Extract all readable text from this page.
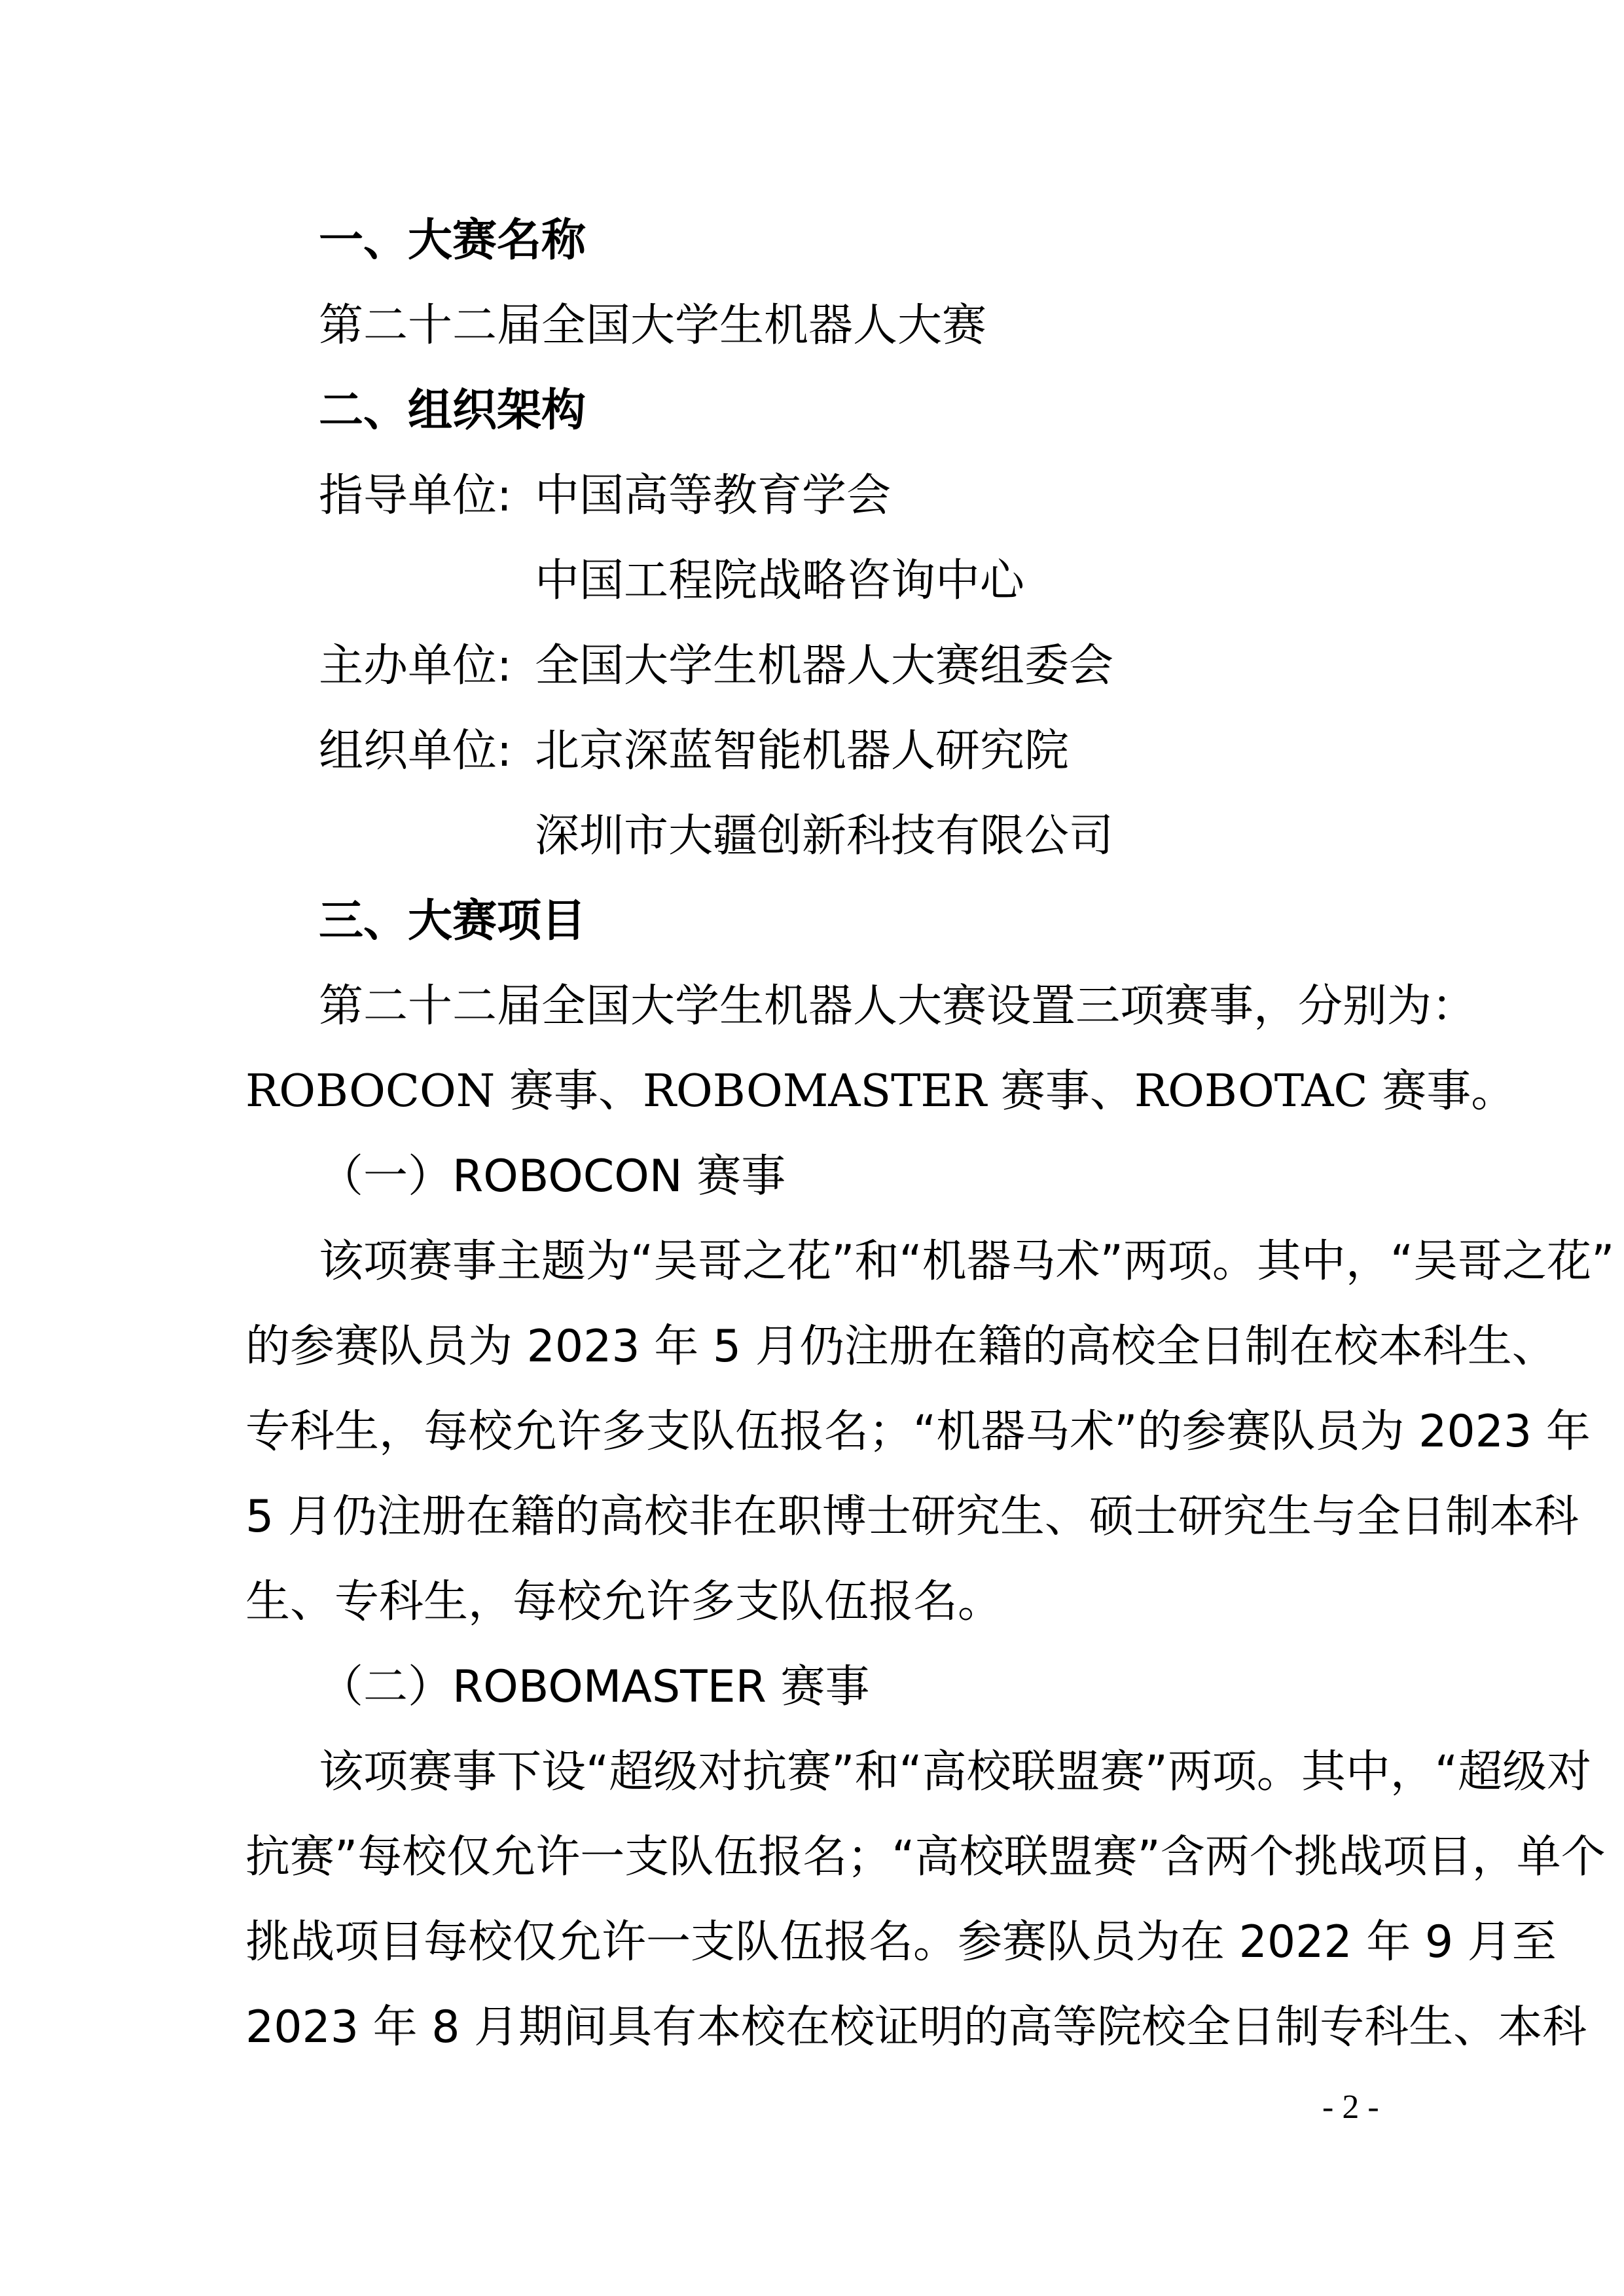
一、大赛名称
第二十二届全国大学生机器人大赛
二、组织架构
指导单位: 中国高等教育学会
中国工程院战略咨询中心
主办单位: 全国大学生机器人大赛组委会
组织单位: 北京深蓝智能机器人研究院
深圳市大疆创新科技有限公司
三、大赛项目
第二十二届全国大学生机器人大赛设置三项赛事，分别为：
ROBOCON 赛事、ROBOMASTER 赛事、ROBOTAC 赛事。
（一）ROBOCON 赛事
该项赛事主题为“吴哥之花”和“机器马术”两项。其中，“吴哥之花”
的参赛队员为 2023 年 5 月仍注册在籍的高校全日制在校本科生、
专科生，每校允许多支队伍报名；“机器马术”的参赛队员为 2023 年
5 月仍注册在籍的高校非在职博士研究生、硕士研究生与全日制本科
生、专科生，每校允许多支队伍报名。
（二）ROBOMASTER 赛事
该项赛事下设“超级对抗赛”和“高校联盟赛”两项。其中，“超级对
抗赛”每校仅允许一支队伍报名；“高校联盟赛”含两个挑战项目，单个
挑战项目每校仅允许一支队伍报名。参赛队员为在 2022 年 9 月至
2023 年 8 月期间具有本校在校证明的高等院校全日制专科生、本科
- 2 -
